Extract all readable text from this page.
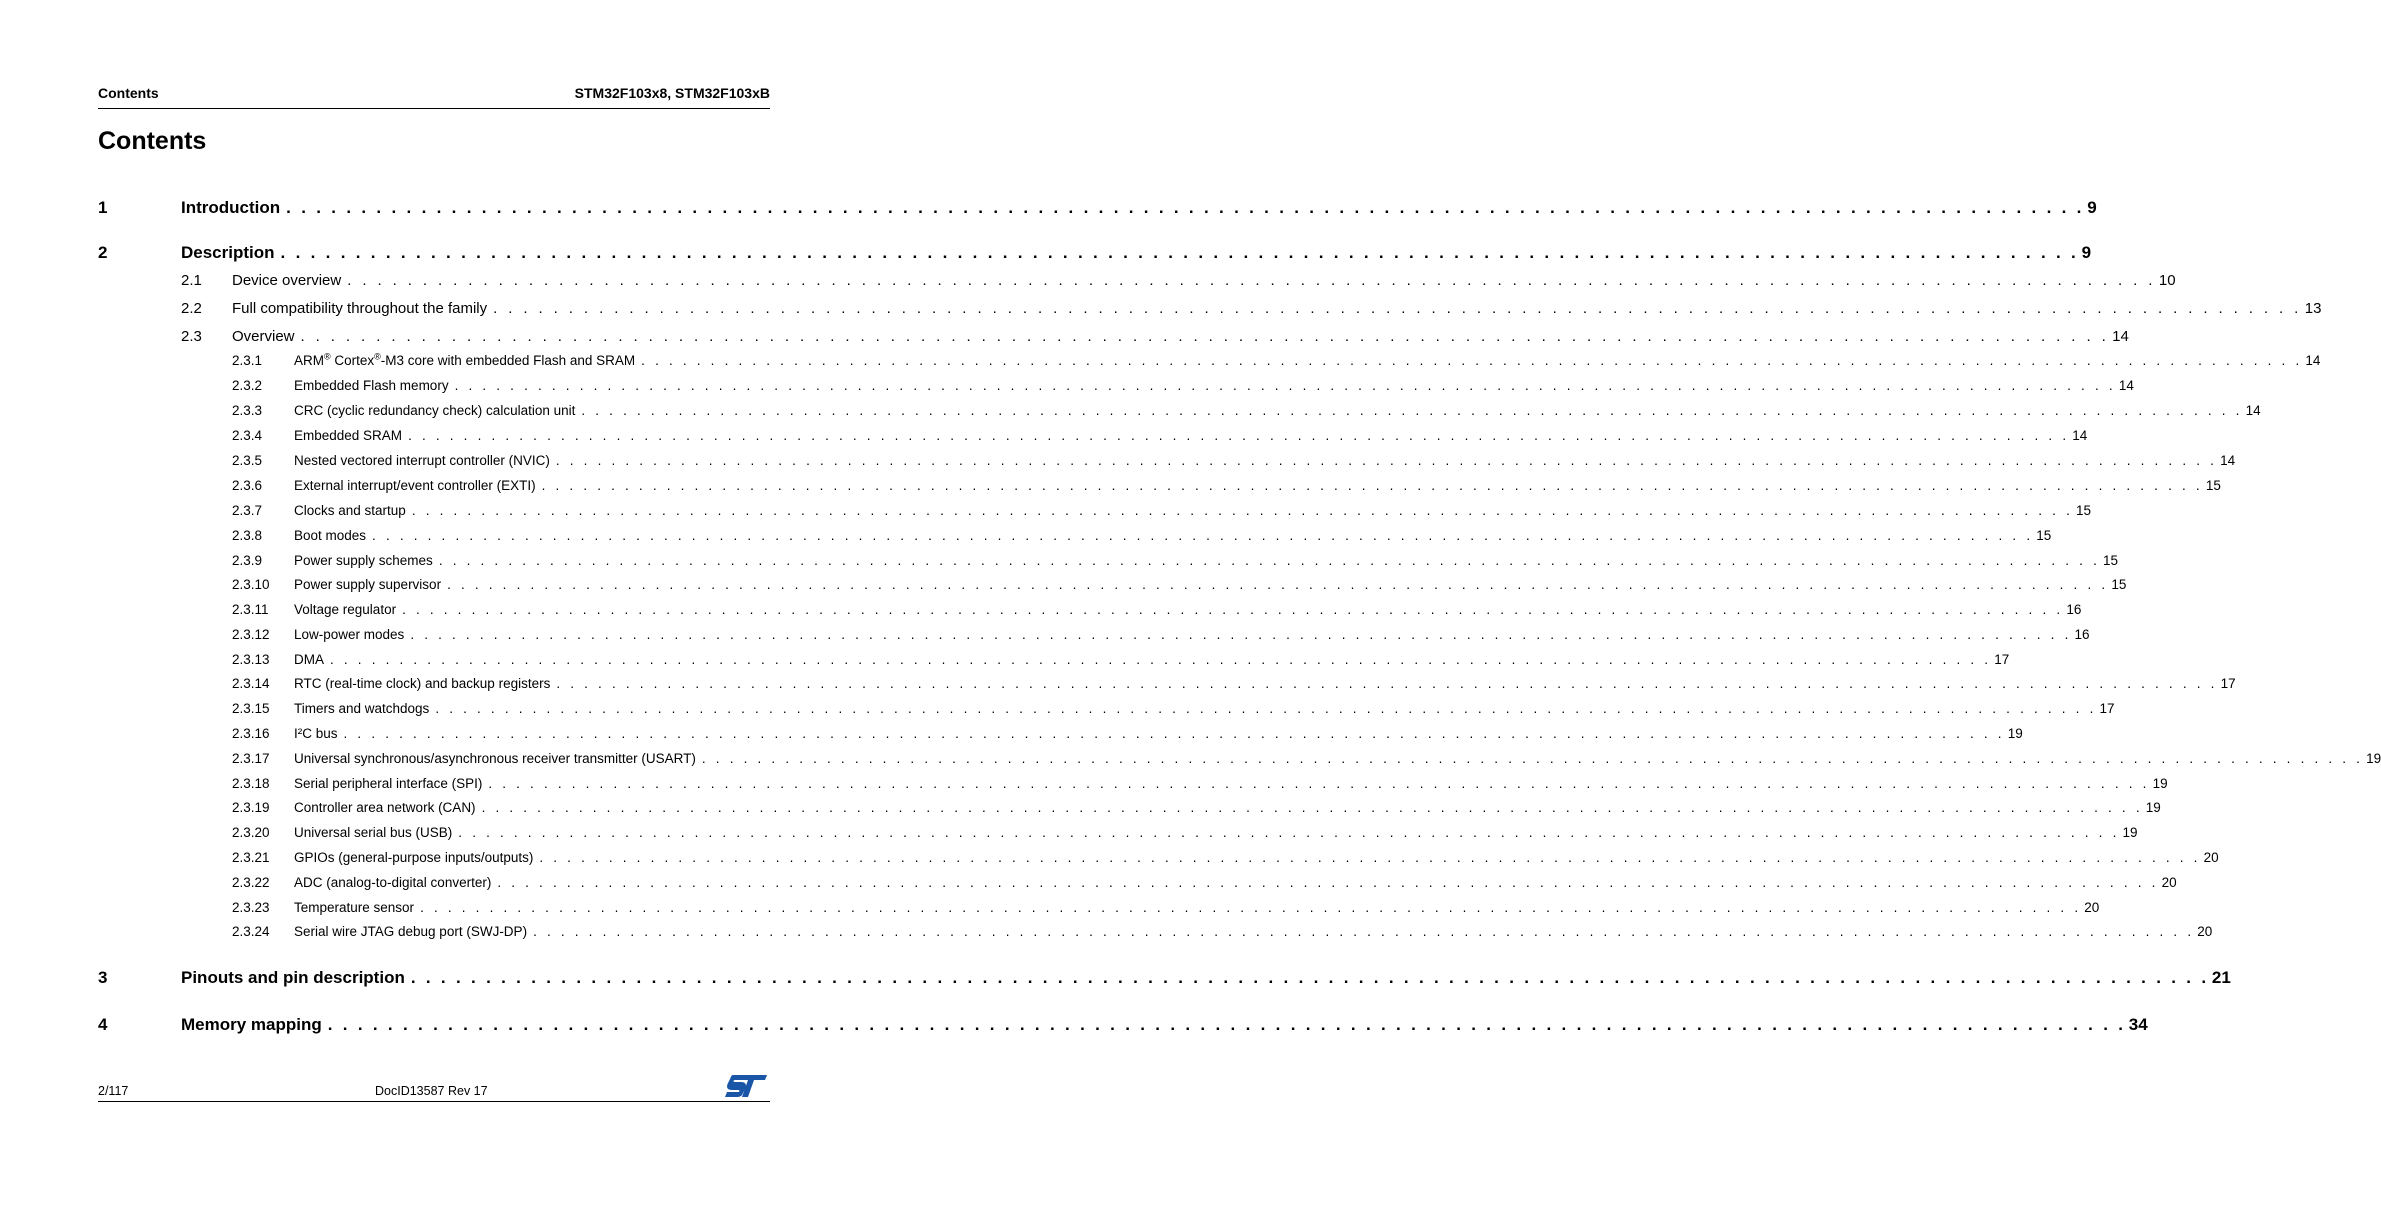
Contents	STM32F103x8, STM32F103xB
Contents
1	Introduction . . . . . . . . . . . . . . . . . . . . . . . . . . . . . . . . . . . . . . . . . . . . . . . . . . . . . . . . . . . . . . . . . . . . . . . . . . . . . . . . . . . . . . . . . . . . . . . . . . . . . . . . . . . . . . . . . . . . . . . . 9
2	Description . . . . . . . . . . . . . . . . . . . . . . . . . . . . . . . . . . . . . . . . . . . . . . . . . . . . . . . . . . . . . . . . . . . . . . . . . . . . . . . . . . . . . . . . . . . . . . . . . . . . . . . . . . . . . . . . . . . . . . . . 9
2.1 Device overview . . . . . . . . . . . . . . . . . . . . . . . . . . . . . . . . . . . . . . . . . . . . . . . . . . . . . . . . . . . . . . . . . . . . . . . . . . . . . . . . . . . . . . . . . . . . . . . . . . . . . . . . . . . . . . . . . . . . . . . . 10
2.2 Full compatibility throughout the family . . . . . . . . . . . . . . . . . . . . . . . . . . . . . . . . . . . . . . . . . . . . . . . . . . . . . . . . . . . . . . . . . . . . . . . . . . . . . . . . . . . . . . . . . . . . . . . . . . . . . . . . . . . . . . . . . . . . . . . . 13
2.3 Overview . . . . . . . . . . . . . . . . . . . . . . . . . . . . . . . . . . . . . . . . . . . . . . . . . . . . . . . . . . . . . . . . . . . . . . . . . . . . . . . . . . . . . . . . . . . . . . . . . . . . . . . . . . . . . . . . . . . . . . . . 14
2.3.1 ARM® Cortex®-M3 core with embedded Flash and SRAM . . . . . . . . . . . . . . . . . . . . . . . . . . . . . . . . . . . . . . . . . . . . . . . . . . . . . . . . . . . . . . . . . . . . . . . . . . . . . . . . . . . . . . . . . . . . . . . . . . . . . . . . . . . . . . . . . . . . . . . . 14
2.3.2 Embedded Flash memory . . . . . . . . . . . . . . . . . . . . . . . . . . . . . . . . . . . . . . . . . . . . . . . . . . . . . . . . . . . . . . . . . . . . . . . . . . . . . . . . . . . . . . . . . . . . . . . . . . . . . . . . . . . . . . . . . . . . . . . . 14
2.3.3 CRC (cyclic redundancy check) calculation unit . . . . . . . . . . . . . . . . . . . . . . . . . . . . . . . . . . . . . . . . . . . . . . . . . . . . . . . . . . . . . . . . . . . . . . . . . . . . . . . . . . . . . . . . . . . . . . . . . . . . . . . . . . . . . . . . . . . . . . . . 14
2.3.4 Embedded SRAM . . . . . . . . . . . . . . . . . . . . . . . . . . . . . . . . . . . . . . . . . . . . . . . . . . . . . . . . . . . . . . . . . . . . . . . . . . . . . . . . . . . . . . . . . . . . . . . . . . . . . . . . . . . . . . . . . . . . . . . . 14
2.3.5 Nested vectored interrupt controller (NVIC) . . . . . . . . . . . . . . . . . . . . . . . . . . . . . . . . . . . . . . . . . . . . . . . . . . . . . . . . . . . . . . . . . . . . . . . . . . . . . . . . . . . . . . . . . . . . . . . . . . . . . . . . . . . . . . . . . . . . . . . . 14
2.3.6 External interrupt/event controller (EXTI) . . . . . . . . . . . . . . . . . . . . . . . . . . . . . . . . . . . . . . . . . . . . . . . . . . . . . . . . . . . . . . . . . . . . . . . . . . . . . . . . . . . . . . . . . . . . . . . . . . . . . . . . . . . . . . . . . . . . . . . . 15
2.3.7 Clocks and startup . . . . . . . . . . . . . . . . . . . . . . . . . . . . . . . . . . . . . . . . . . . . . . . . . . . . . . . . . . . . . . . . . . . . . . . . . . . . . . . . . . . . . . . . . . . . . . . . . . . . . . . . . . . . . . . . . . . . . . . . 15
2.3.8 Boot modes . . . . . . . . . . . . . . . . . . . . . . . . . . . . . . . . . . . . . . . . . . . . . . . . . . . . . . . . . . . . . . . . . . . . . . . . . . . . . . . . . . . . . . . . . . . . . . . . . . . . . . . . . . . . . . . . . . . . . . . . 15
2.3.9 Power supply schemes . . . . . . . . . . . . . . . . . . . . . . . . . . . . . . . . . . . . . . . . . . . . . . . . . . . . . . . . . . . . . . . . . . . . . . . . . . . . . . . . . . . . . . . . . . . . . . . . . . . . . . . . . . . . . . . . . . . . . . . . 15
2.3.10 Power supply supervisor . . . . . . . . . . . . . . . . . . . . . . . . . . . . . . . . . . . . . . . . . . . . . . . . . . . . . . . . . . . . . . . . . . . . . . . . . . . . . . . . . . . . . . . . . . . . . . . . . . . . . . . . . . . . . . . . . . . . . . . . 15
2.3.11 Voltage regulator . . . . . . . . . . . . . . . . . . . . . . . . . . . . . . . . . . . . . . . . . . . . . . . . . . . . . . . . . . . . . . . . . . . . . . . . . . . . . . . . . . . . . . . . . . . . . . . . . . . . . . . . . . . . . . . . . . . . . . . . 16
2.3.12 Low-power modes . . . . . . . . . . . . . . . . . . . . . . . . . . . . . . . . . . . . . . . . . . . . . . . . . . . . . . . . . . . . . . . . . . . . . . . . . . . . . . . . . . . . . . . . . . . . . . . . . . . . . . . . . . . . . . . . . . . . . . . . 16
2.3.13 DMA . . . . . . . . . . . . . . . . . . . . . . . . . . . . . . . . . . . . . . . . . . . . . . . . . . . . . . . . . . . . . . . . . . . . . . . . . . . . . . . . . . . . . . . . . . . . . . . . . . . . . . . . . . . . . . . . . . . . . . . . 17
2.3.14 RTC (real-time clock) and backup registers . . . . . . . . . . . . . . . . . . . . . . . . . . . . . . . . . . . . . . . . . . . . . . . . . . . . . . . . . . . . . . . . . . . . . . . . . . . . . . . . . . . . . . . . . . . . . . . . . . . . . . . . . . . . . . . . . . . . . . . . 17
2.3.15 Timers and watchdogs . . . . . . . . . . . . . . . . . . . . . . . . . . . . . . . . . . . . . . . . . . . . . . . . . . . . . . . . . . . . . . . . . . . . . . . . . . . . . . . . . . . . . . . . . . . . . . . . . . . . . . . . . . . . . . . . . . . . . . . . 17
2.3.16 I²C bus . . . . . . . . . . . . . . . . . . . . . . . . . . . . . . . . . . . . . . . . . . . . . . . . . . . . . . . . . . . . . . . . . . . . . . . . . . . . . . . . . . . . . . . . . . . . . . . . . . . . . . . . . . . . . . . . . . . . . . . . 19
2.3.17 Universal synchronous/asynchronous receiver transmitter (USART) . . . . . . . . . . . . . . . . . . . . . . . . . . . . . . . . . . . . . . . . . . . . . . . . . . . . . . . . . . . . . . . . . . . . . . . . . . . . . . . . . . . . . . . . . . . . . . . . . . . . . . . . . . . . . . . . . . . . . . . . 19
2.3.18 Serial peripheral interface (SPI) . . . . . . . . . . . . . . . . . . . . . . . . . . . . . . . . . . . . . . . . . . . . . . . . . . . . . . . . . . . . . . . . . . . . . . . . . . . . . . . . . . . . . . . . . . . . . . . . . . . . . . . . . . . . . . . . . . . . . . . . 19
2.3.19 Controller area network (CAN) . . . . . . . . . . . . . . . . . . . . . . . . . . . . . . . . . . . . . . . . . . . . . . . . . . . . . . . . . . . . . . . . . . . . . . . . . . . . . . . . . . . . . . . . . . . . . . . . . . . . . . . . . . . . . . . . . . . . . . . . 19
2.3.20 Universal serial bus (USB) . . . . . . . . . . . . . . . . . . . . . . . . . . . . . . . . . . . . . . . . . . . . . . . . . . . . . . . . . . . . . . . . . . . . . . . . . . . . . . . . . . . . . . . . . . . . . . . . . . . . . . . . . . . . . . . . . . . . . . . . 19
2.3.21 GPIOs (general-purpose inputs/outputs) . . . . . . . . . . . . . . . . . . . . . . . . . . . . . . . . . . . . . . . . . . . . . . . . . . . . . . . . . . . . . . . . . . . . . . . . . . . . . . . . . . . . . . . . . . . . . . . . . . . . . . . . . . . . . . . . . . . . . . . . 20
2.3.22 ADC (analog-to-digital converter) . . . . . . . . . . . . . . . . . . . . . . . . . . . . . . . . . . . . . . . . . . . . . . . . . . . . . . . . . . . . . . . . . . . . . . . . . . . . . . . . . . . . . . . . . . . . . . . . . . . . . . . . . . . . . . . . . . . . . . . . 20
2.3.23 Temperature sensor . . . . . . . . . . . . . . . . . . . . . . . . . . . . . . . . . . . . . . . . . . . . . . . . . . . . . . . . . . . . . . . . . . . . . . . . . . . . . . . . . . . . . . . . . . . . . . . . . . . . . . . . . . . . . . . . . . . . . . . . 20
2.3.24 Serial wire JTAG debug port (SWJ-DP) . . . . . . . . . . . . . . . . . . . . . . . . . . . . . . . . . . . . . . . . . . . . . . . . . . . . . . . . . . . . . . . . . . . . . . . . . . . . . . . . . . . . . . . . . . . . . . . . . . . . . . . . . . . . . . . . . . . . . . . . 20
3	Pinouts and pin description . . . . . . . . . . . . . . . . . . . . . . . . . . . . . . . . . . . . . . . . . . . . . . . . . . . . . . . . . . . . . . . . . . . . . . . . . . . . . . . . . . . . . . . . . . . . . . . . . . . . . . . . . . . . . . . . . . . . . . . . 21
4	Memory mapping . . . . . . . . . . . . . . . . . . . . . . . . . . . . . . . . . . . . . . . . . . . . . . . . . . . . . . . . . . . . . . . . . . . . . . . . . . . . . . . . . . . . . . . . . . . . . . . . . . . . . . . . . . . . . . . . . . . . . . . . 34
2/117	DocID13587 Rev 17
